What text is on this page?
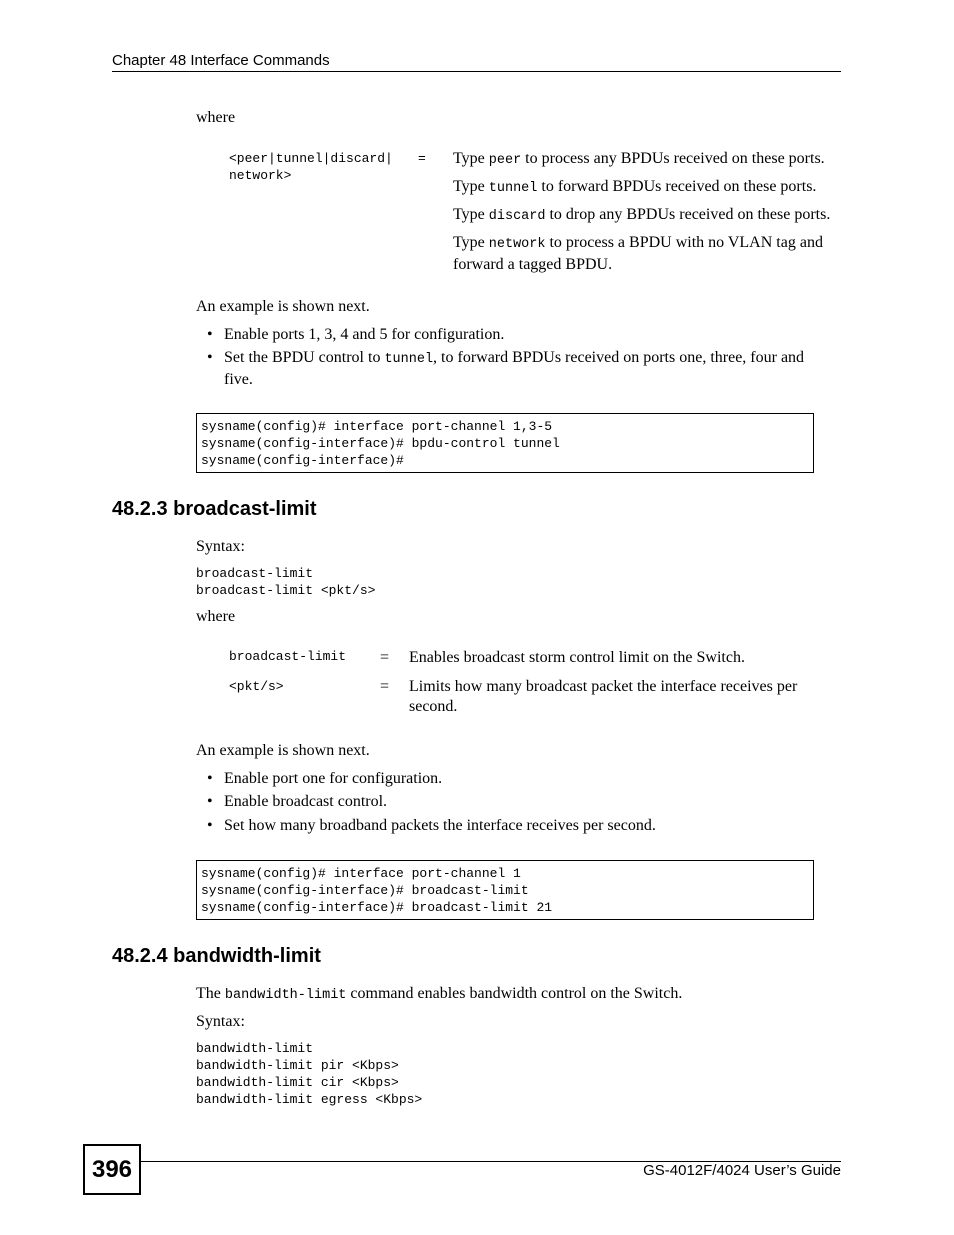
Chapter 48 Interface Commands
where
<peer|tunnel|discard|
network>
= Type peer to process any BPDUs received on these ports.
Type tunnel to forward BPDUs received on these ports.
Type discard to drop any BPDUs received on these ports.
Type network to process a BPDU with no VLAN tag and forward a tagged BPDU.
An example is shown next.
• Enable ports 1, 3, 4 and 5 for configuration.
• Set the BPDU control to tunnel, to forward BPDUs received on ports one, three, four and five.
sysname(config)# interface port-channel 1,3-5
sysname(config-interface)# bpdu-control tunnel
sysname(config-interface)#
48.2.3 broadcast-limit
Syntax:
broadcast-limit
broadcast-limit <pkt/s>
where
broadcast-limit = Enables broadcast storm control limit on the Switch.
<pkt/s>	= Limits how many broadcast packet the interface receives per second.
An example is shown next.
• Enable port one for configuration.
• Enable broadcast control.
• Set how many broadband packets the interface receives per second.
sysname(config)# interface port-channel 1
sysname(config-interface)# broadcast-limit
sysname(config-interface)# broadcast-limit 21
48.2.4 bandwidth-limit
The bandwidth-limit command enables bandwidth control on the Switch.
Syntax:
bandwidth-limit
bandwidth-limit pir <Kbps>
bandwidth-limit cir <Kbps>
bandwidth-limit egress <Kbps>
396	GS-4012F/4024 User’s Guide
